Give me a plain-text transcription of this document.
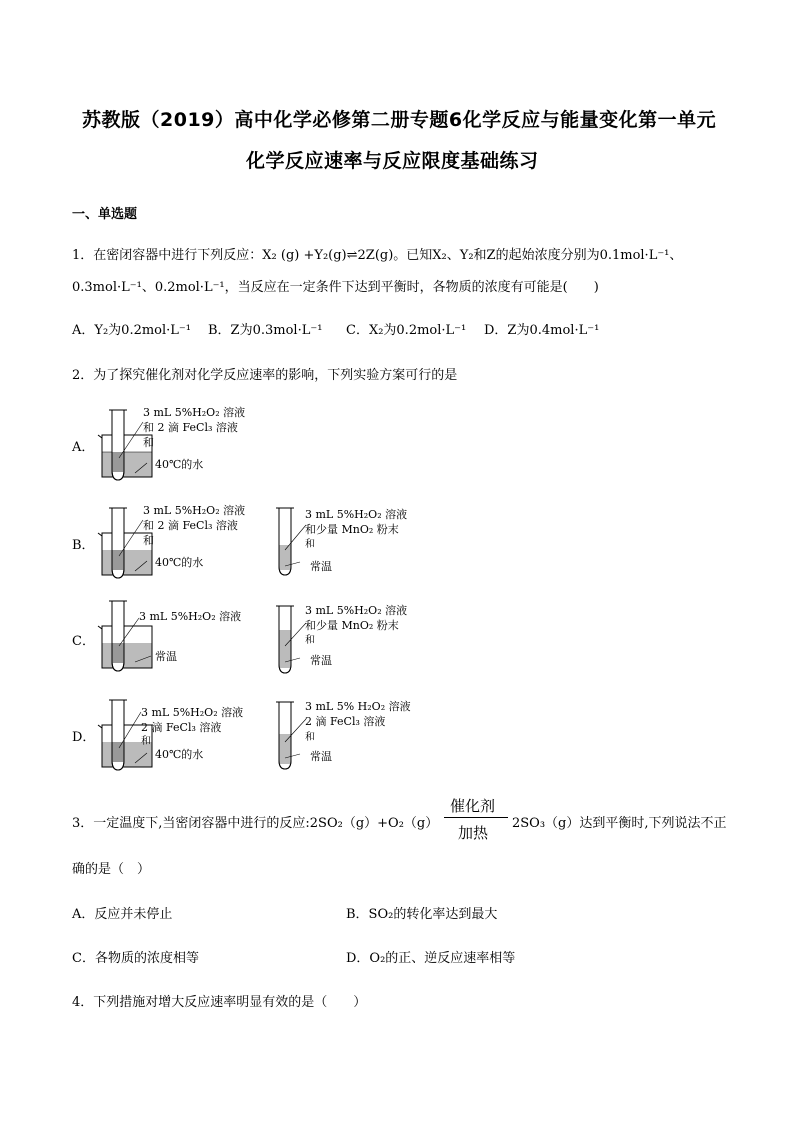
苏教版（2019）高中化学必修第二册专题6化学反应与能量变化第一单元
化学反应速率与反应限度基础练习
一、单选题
1．在密闭容器中进行下列反应：X₂ (g) +Y₂(g)⇌2Z(g)。已知X₂、Y₂和Z的起始浓度分别为0.1mol·L⁻¹、
0.3mol·L⁻¹、0.2mol·L⁻¹，当反应在一定条件下达到平衡时，各物质的浓度有可能是(　　)
A．Y₂为0.2mol·L⁻¹ B．Z为0.3mol·L⁻¹ C．X₂为0.2mol·L⁻¹ D．Z为0.4mol·L⁻¹
2．为了探究催化剂对化学反应速率的影响，下列实验方案可行的是
A．
3 mL 5%H₂O₂ 溶液
和 2 滴 FeCl₃ 溶液
和
40℃的水
B．
3 mL 5%H₂O₂ 溶液
和 2 滴 FeCl₃ 溶液
和
40℃的水
3 mL 5%H₂O₂ 溶液
和少量 MnO₂ 粉末
和
常温
C．
3 mL 5%H₂O₂ 溶液
常温
3 mL 5%H₂O₂ 溶液
和少量 MnO₂ 粉末
和
常温
D．
3 mL 5%H₂O₂ 溶液
2 滴 FeCl₃ 溶液
和
40℃的水
3 mL 5% H₂O₂ 溶液
2 滴 FeCl₃ 溶液
和
常温
3．一定温度下,当密闭容器中进行的反应:2SO₂（g）+O₂（g）
催化剂
加热
2SO₃（g）达到平衡时,下列说法不正
确的是（　）
A．反应并未停止	B．SO₂的转化率达到最大
C．各物质的浓度相等	D．O₂的正、逆反应速率相等
4．下列措施对增大反应速率明显有效的是（　　）
